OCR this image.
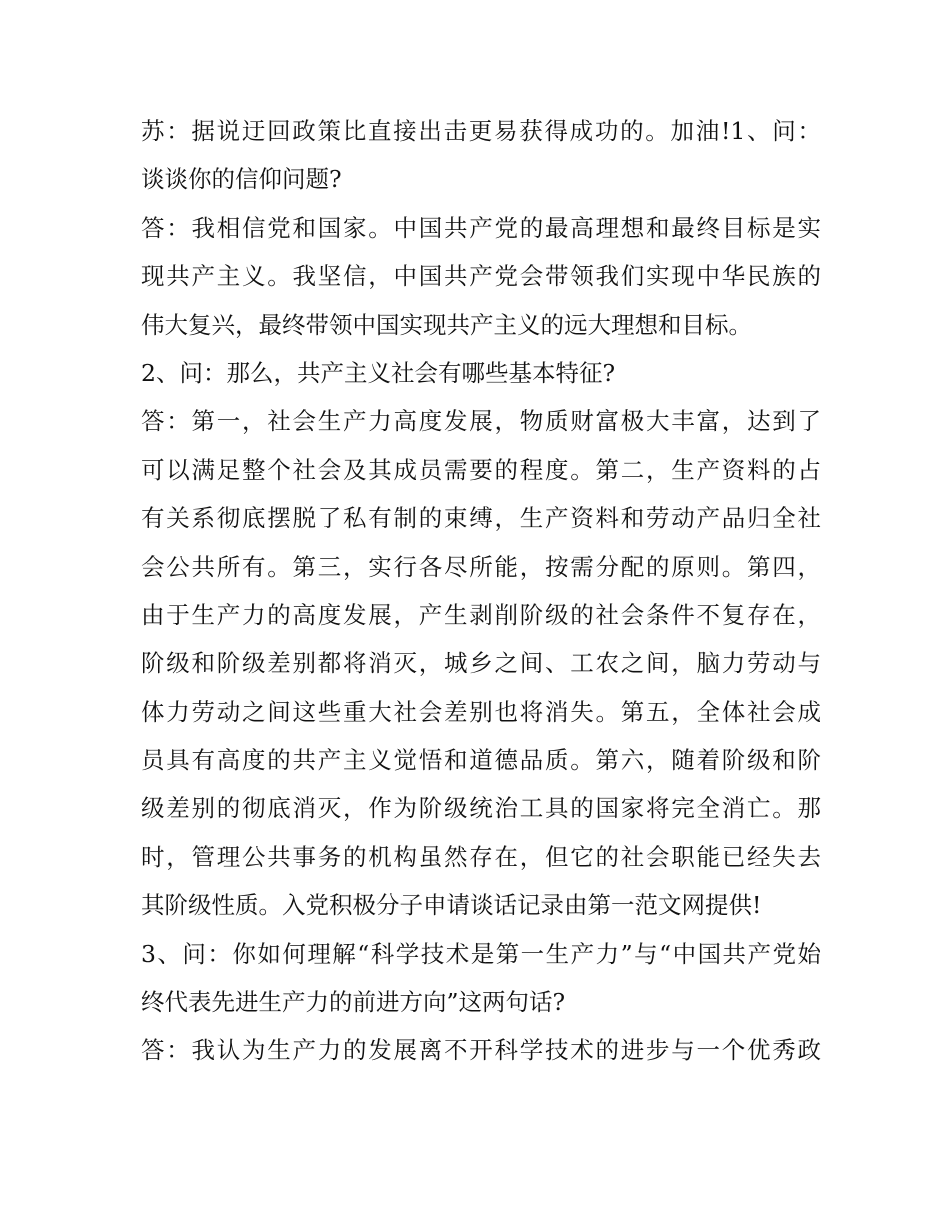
苏：据说迂回政策比直接出击更易获得成功的。加油!1、问：
谈谈你的信仰问题?
答：我相信党和国家。中国共产党的最高理想和最终目标是实
现共产主义。我坚信，中国共产党会带领我们实现中华民族的
伟大复兴，最终带领中国实现共产主义的远大理想和目标。
2、问：那么，共产主义社会有哪些基本特征?
答：第一，社会生产力高度发展，物质财富极大丰富，达到了
可以满足整个社会及其成员需要的程度。第二，生产资料的占
有关系彻底摆脱了私有制的束缚，生产资料和劳动产品归全社
会公共所有。第三，实行各尽所能，按需分配的原则。第四，
由于生产力的高度发展，产生剥削阶级的社会条件不复存在，
阶级和阶级差别都将消灭，城乡之间、工农之间，脑力劳动与
体力劳动之间这些重大社会差别也将消失。第五，全体社会成
员具有高度的共产主义觉悟和道德品质。第六，随着阶级和阶
级差别的彻底消灭，作为阶级统治工具的国家将完全消亡。那
时，管理公共事务的机构虽然存在，但它的社会职能已经失去
其阶级性质。入党积极分子申请谈话记录由第一范文网提供!
3、问：你如何理解“科学技术是第一生产力”与“中国共产党始
终代表先进生产力的前进方向”这两句话?
答：我认为生产力的发展离不开科学技术的进步与一个优秀政
